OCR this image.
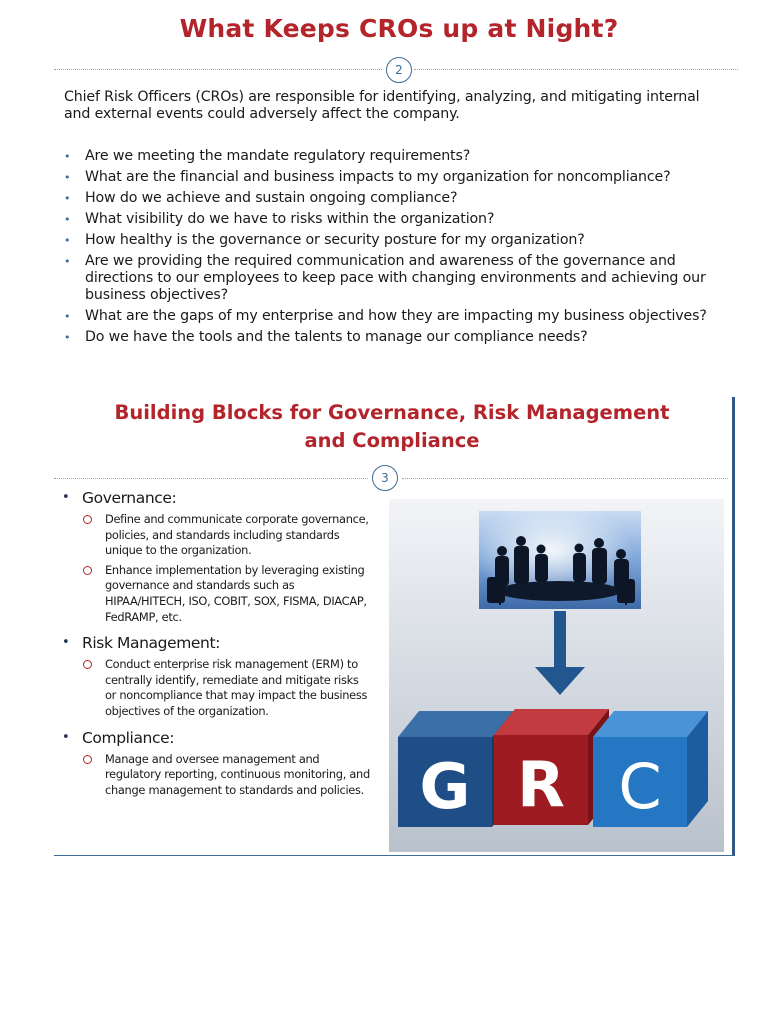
What Keeps CROs up at Night?
2
Chief Risk Officers (CROs) are responsible for identifying, analyzing, and mitigating internal and external events could adversely affect the company.
• Are we meeting the mandate regulatory requirements?
• What are the financial and business impacts to my organization for noncompliance?
• How do we achieve and sustain ongoing compliance?
• What visibility do we have to risks within the organization?
• How healthy is the governance or security posture for my organization?
• Are we providing the required communication and awareness of the governance and directions to our employees to keep pace with changing environments and achieving our business objectives?
• What are the gaps of my enterprise and how they are impacting my business objectives?
• Do we have the tools and the talents to manage our compliance needs?
Building Blocks for Governance, Risk Management
and Compliance
3
• Governance:
Define and communicate corporate governance, policies, and standards including standards unique to the organization.
Enhance implementation by leveraging existing governance and standards such as HIPAA/HITECH, ISO, COBIT, SOX, FISMA, DIACAP, FedRAMP, etc.
• Risk Management:
Conduct enterprise risk management (ERM) to centrally identify, remediate and mitigate risks or noncompliance that may impact the business objectives of the organization.
• Compliance:
Manage and oversee management and regulatory reporting, continuous monitoring, and change management to standards and policies. G R C
